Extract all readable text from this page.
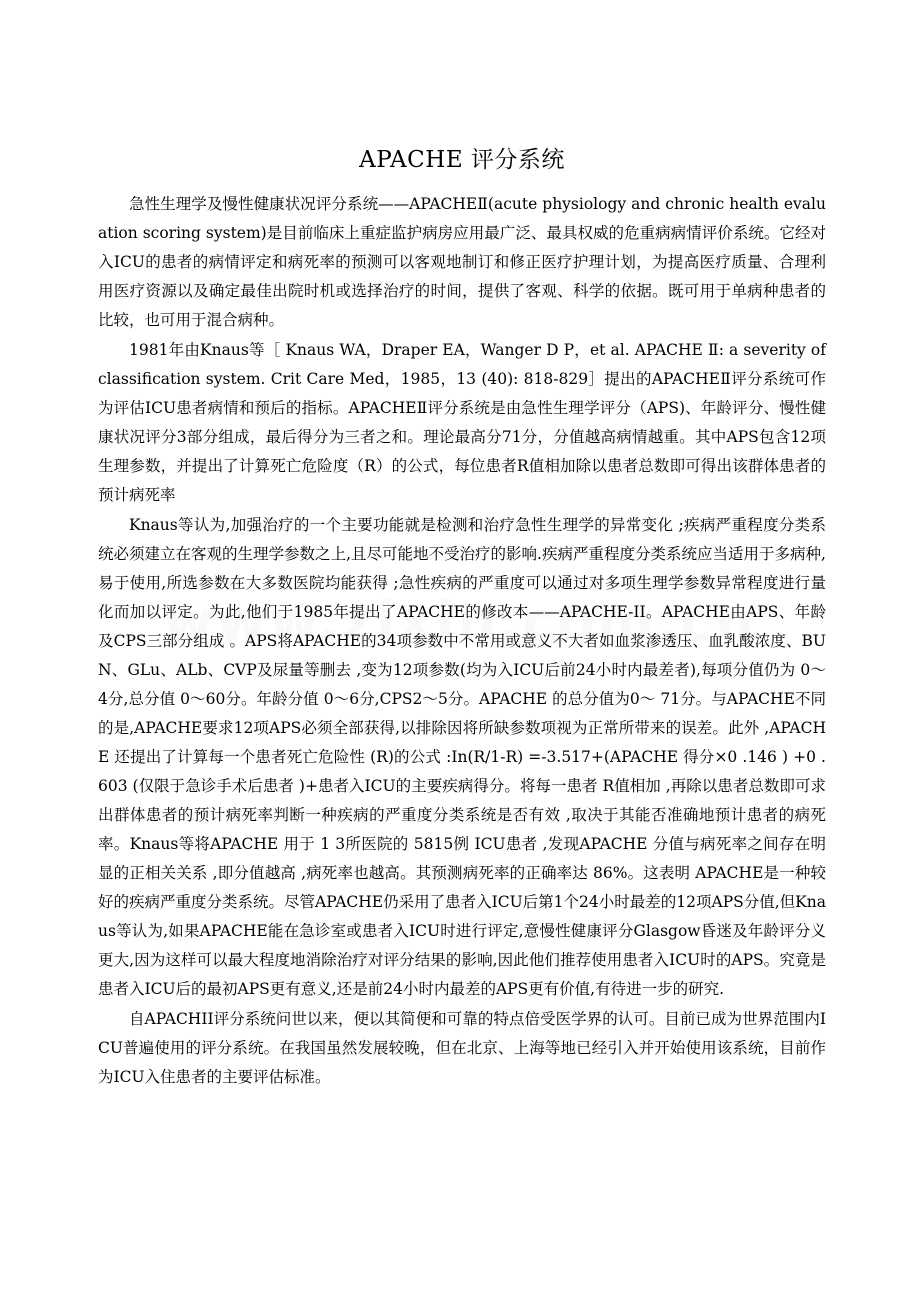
APACHE 评分系统

急性生理学及慢性健康状况评分系统——APACHEⅡ(acute physiology and chronic health evaluation scoring system)是目前临床上重症监护病房应用最广泛、最具权威的危重病病情评价系统。它经对入ICU的患者的病情评定和病死率的预测可以客观地制订和修正医疗护理计划，为提高医疗质量、合理利用医疗资源以及确定最佳出院时机或选择治疗的时间，提供了客观、科学的依据。既可用于单病种患者的比较，也可用于混合病种。

1981年由Knaus等［ Knaus WA，Draper EA，Wanger D P，et al. APACHE Ⅱ: a severity of classification system. Crit Care Med，1985，13 (40): 818-829］提出的APACHEⅡ评分系统可作为评估ICU患者病情和预后的指标。APACHEⅡ评分系统是由急性生理学评分（APS)、年龄评分、慢性健康状况评分3部分组成，最后得分为三者之和。理论最高分71分，分值越高病情越重。其中APS包含12项生理参数，并提出了计算死亡危险度（R）的公式，每位患者R值相加除以患者总数即可得出该群体患者的预计病死率

Knaus等认为,加强治疗的一个主要功能就是检测和治疗急性生理学的异常变化 ;疾病严重程度分类系统必须建立在客观的生理学参数之上,且尽可能地不受治疗的影响.疾病严重程度分类系统应当适用于多病种,易于使用,所选参数在大多数医院均能获得 ;急性疾病的严重度可以通过对多项生理学参数异常程度进行量化而加以评定。为此,他们于1985年提出了APACHE的修改本——APACHE-II。APACHE由APS、年龄及CPS三部分组成 。APS将APACHE的34项参数中不常用或意义不大者如血浆渗透压、血乳酸浓度、BUN、GLu、ALb、CVP及尿量等删去 ,变为12项参数(均为入ICU后前24小时内最差者),每项分值仍为 0～4分,总分值 0～60分。年龄分值 0～6分,CPS2～5分。APACHE 的总分值为0～ 71分。与APACHE不同的是,APACHE要求12项APS必须全部获得,以排除因将所缺参数项视为正常所带来的误差。此外 ,APACHE 还提出了计算每一个患者死亡危险性 (R)的公式 :In(R/1-R) =-3.517+(APACHE 得分×0 .146 ) +0 .603 (仅限于急诊手术后患者 )+患者入ICU的主要疾病得分。将每一患者 R值相加 ,再除以患者总数即可求出群体患者的预计病死率判断一种疾病的严重度分类系统是否有效 ,取决于其能否准确地预计患者的病死率。Knaus等将APACHE 用于 1 3所医院的 5815例 ICU患者 ,发现APACHE 分值与病死率之间存在明显的正相关关系 ,即分值越高 ,病死率也越高。其预测病死率的正确率达 86%。这表明 APACHE是一种较好的疾病严重度分类系统。尽管APACHE仍采用了患者入ICU后第1个24小时最差的12项APS分值,但Knaus等认为,如果APACHE能在急诊室或患者入ICU时进行评定,意慢性健康评分Glasgow昏迷及年龄评分义更大,因为这样可以最大程度地消除治疗对评分结果的影响,因此他们推荐使用患者入ICU时的APS。究竟是患者入ICU后的最初APS更有意义,还是前24小时内最差的APS更有价值,有待进一步的研究.

自APACHII评分系统问世以来，便以其简便和可靠的特点倍受医学界的认可。目前已成为世界范围内ICU普遍使用的评分系统。在我国虽然发展较晚，但在北京、上海等地已经引入并开始使用该系统，目前作为ICU入住患者的主要评估标准。
